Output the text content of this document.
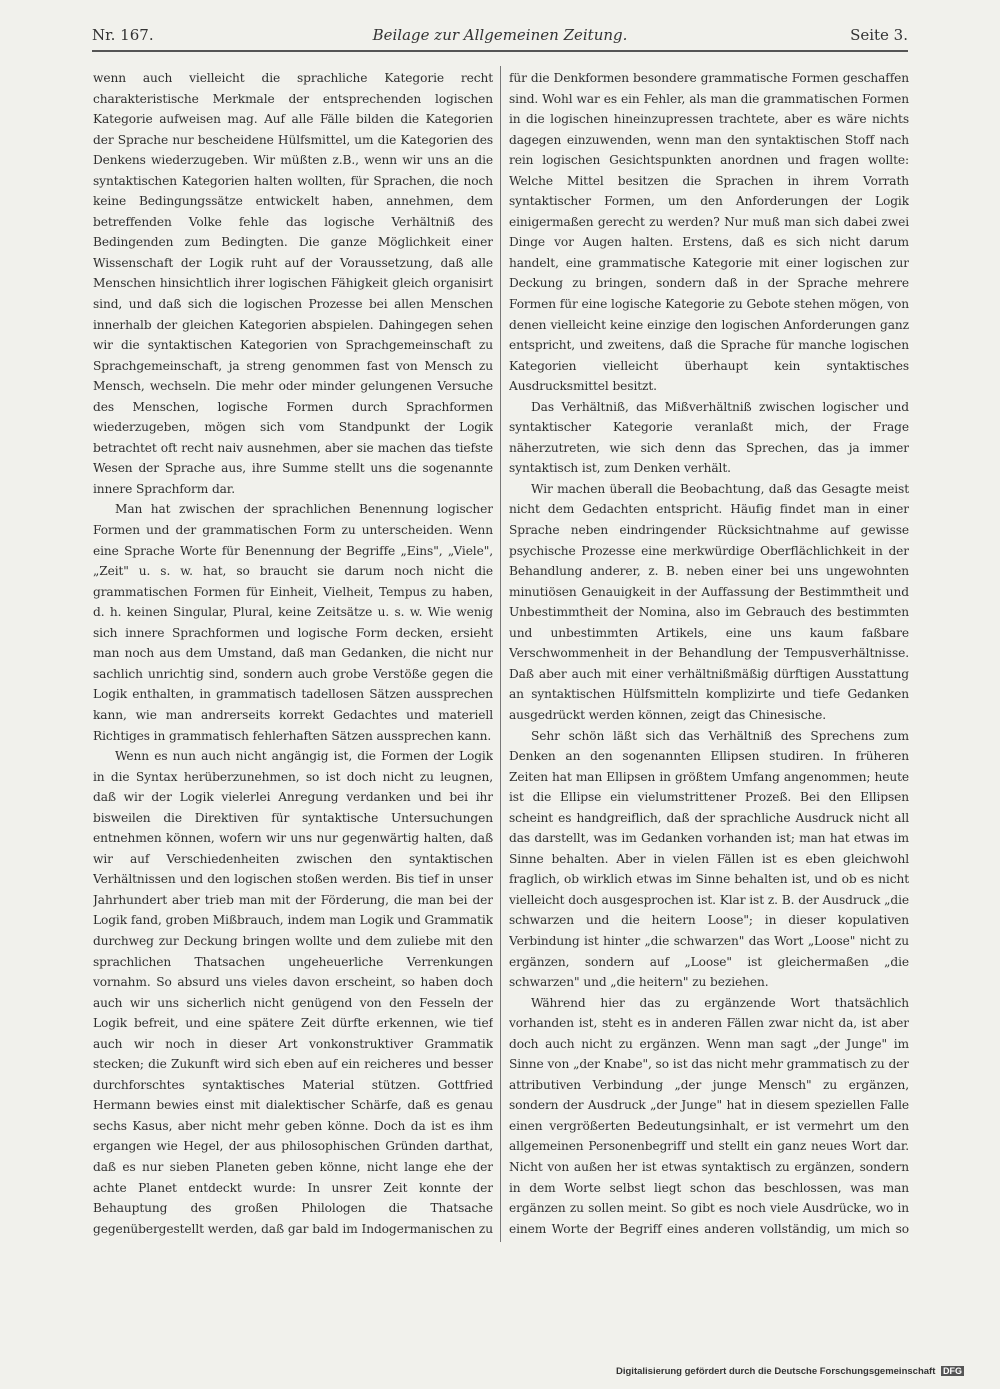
Nr. 167.	Beilage zur Allgemeinen Zeitung.	Seite 3.

wenn auch vielleicht die sprachliche Kategorie recht charakteristische Merkmale der entsprechenden logischen Kategorie aufweisen mag. Auf alle Fälle bilden die Kategorien der Sprache nur bescheidene Hülfsmittel, um die Kategorien des Denkens wiederzugeben. Wir müßten z.B., wenn wir uns an die syntaktischen Kategorien halten wollten, für Sprachen, die noch keine Bedingungssätze entwickelt haben, annehmen, dem betreffenden Volke fehle das logische Verhältniß des Bedingenden zum Bedingten. Die ganze Möglichkeit einer Wissenschaft der Logik ruht auf der Voraussetzung, daß alle Menschen hinsichtlich ihrer logischen Fähigkeit gleich organisirt sind, und daß sich die logischen Prozesse bei allen Menschen innerhalb der gleichen Kategorien abspielen. Dahingegen sehen wir die syntaktischen Kategorien von Sprachgemeinschaft zu Sprachgemeinschaft, ja streng genommen fast von Mensch zu Mensch, wechseln. Die mehr oder minder gelungenen Versuche des Menschen, logische Formen durch Sprachformen wiederzugeben, mögen sich vom Standpunkt der Logik betrachtet oft recht naiv ausnehmen, aber sie machen das tiefste Wesen der Sprache aus, ihre Summe stellt uns die sogenannte innere Sprachform dar.

Man hat zwischen der sprachlichen Benennung logischer Formen und der grammatischen Form zu unterscheiden. Wenn eine Sprache Worte für Benennung der Begriffe „Eins", „Viele", „Zeit" u. s. w. hat, so braucht sie darum noch nicht die grammatischen Formen für Einheit, Vielheit, Tempus zu haben, d. h. keinen Singular, Plural, keine Zeitsätze u. s. w. Wie wenig sich innere Sprachformen und logische Form decken, ersieht man noch aus dem Umstand, daß man Gedanken, die nicht nur sachlich unrichtig sind, sondern auch grobe Verstöße gegen die Logik enthalten, in grammatisch tadellosen Sätzen aussprechen kann, wie man andrerseits korrekt Gedachtes und materiell Richtiges in grammatisch fehlerhaften Sätzen aussprechen kann.

Wenn es nun auch nicht angängig ist, die Formen der Logik in die Syntax herüberzunehmen, so ist doch nicht zu leugnen, daß wir der Logik vielerlei Anregung verdanken und bei ihr bisweilen die Direktiven für syntaktische Untersuchungen entnehmen können, wofern wir uns nur gegenwärtig halten, daß wir auf Verschiedenheiten zwischen den syntaktischen Verhältnissen und den logischen stoßen werden. Bis tief in unser Jahrhundert aber trieb man mit der Förderung, die man bei der Logik fand, groben Mißbrauch, indem man Logik und Grammatik durchweg zur Deckung bringen wollte und dem zuliebe mit den sprachlichen Thatsachen ungeheuerliche Verrenkungen vornahm. So absurd uns vieles davon erscheint, so haben doch auch wir uns sicherlich nicht genügend von den Fesseln der Logik befreit, und eine spätere Zeit dürfte erkennen, wie tief auch wir noch in dieser Art vonkonstruktiver Grammatik stecken; die Zukunft wird sich eben auf ein reicheres und besser durchforschtes syntaktisches Material stützen. Gottfried Hermann bewies einst mit dialektischer Schärfe, daß es genau sechs Kasus, aber nicht mehr geben könne. Doch da ist es ihm ergangen wie Hegel, der aus philosophischen Gründen darthat, daß es nur sieben Planeten geben könne, nicht lange ehe der achte Planet entdeckt wurde: In unsrer Zeit konnte der Behauptung des großen Philologen die Thatsache gegenübergestellt werden, daß gar bald im Indogermanischen zu

für die Denkformen besondere grammatische Formen geschaffen sind. Wohl war es ein Fehler, als man die grammatischen Formen in die logischen hineinzupressen trachtete, aber es wäre nichts dagegen einzuwenden, wenn man den syntaktischen Stoff nach rein logischen Gesichtspunkten anordnen und fragen wollte: Welche Mittel besitzen die Sprachen in ihrem Vorrath syntaktischer Formen, um den Anforderungen der Logik einigermaßen gerecht zu werden? Nur muß man sich dabei zwei Dinge vor Augen halten. Erstens, daß es sich nicht darum handelt, eine grammatische Kategorie mit einer logischen zur Deckung zu bringen, sondern daß in der Sprache mehrere Formen für eine logische Kategorie zu Gebote stehen mögen, von denen vielleicht keine einzige den logischen Anforderungen ganz entspricht, und zweitens, daß die Sprache für manche logischen Kategorien vielleicht überhaupt kein syntaktisches Ausdrucksmittel besitzt.

Das Verhältniß, das Mißverhältniß zwischen logischer und syntaktischer Kategorie veranlaßt mich, der Frage näherzutreten, wie sich denn das Sprechen, das ja immer syntaktisch ist, zum Denken verhält.

Wir machen überall die Beobachtung, daß das Gesagte meist nicht dem Gedachten entspricht. Häufig findet man in einer Sprache neben eindringender Rücksichtnahme auf gewisse psychische Prozesse eine merkwürdige Oberflächlichkeit in der Behandlung anderer, z. B. neben einer bei uns ungewohnten minutiösen Genauigkeit in der Auffassung der Bestimmtheit und Unbestimmtheit der Nomina, also im Gebrauch des bestimmten und unbestimmten Artikels, eine uns kaum faßbare Verschwommenheit in der Behandlung der Tempusverhältnisse. Daß aber auch mit einer verhältnißmäßig dürftigen Ausstattung an syntaktischen Hülfsmitteln komplizirte und tiefe Gedanken ausgedrückt werden können, zeigt das Chinesische.

Sehr schön läßt sich das Verhältniß des Sprechens zum Denken an den sogenannten Ellipsen studiren. In früheren Zeiten hat man Ellipsen in größtem Umfang angenommen; heute ist die Ellipse ein vielumstrittener Prozeß. Bei den Ellipsen scheint es handgreiflich, daß der sprachliche Ausdruck nicht all das darstellt, was im Gedanken vorhanden ist; man hat etwas im Sinne behalten. Aber in vielen Fällen ist es eben gleichwohl fraglich, ob wirklich etwas im Sinne behalten ist, und ob es nicht vielleicht doch ausgesprochen ist. Klar ist z. B. der Ausdruck „die schwarzen und die heitern Loose"; in dieser kopulativen Verbindung ist hinter „die schwarzen" das Wort „Loose" nicht zu ergänzen, sondern auf „Loose" ist gleichermaßen „die schwarzen" und „die heitern" zu beziehen.

Während hier das zu ergänzende Wort thatsächlich vorhanden ist, steht es in anderen Fällen zwar nicht da, ist aber doch auch nicht zu ergänzen. Wenn man sagt „der Junge" im Sinne von „der Knabe", so ist das nicht mehr grammatisch zu der attributiven Verbindung „der junge Mensch" zu ergänzen, sondern der Ausdruck „der Junge" hat in diesem speziellen Falle einen vergrößerten Bedeutungsinhalt, er ist vermehrt um den allgemeinen Personenbegriff und stellt ein ganz neues Wort dar. Nicht von außen her ist etwas syntaktisch zu ergänzen, sondern in dem Worte selbst liegt schon das beschlossen, was man ergänzen zu sollen meint. So gibt es noch viele Ausdrücke, wo in einem Worte der Begriff eines anderen vollständig, um mich so

Digitalisierung gefördert durch die Deutsche Forschungsgemeinschaft DFG
